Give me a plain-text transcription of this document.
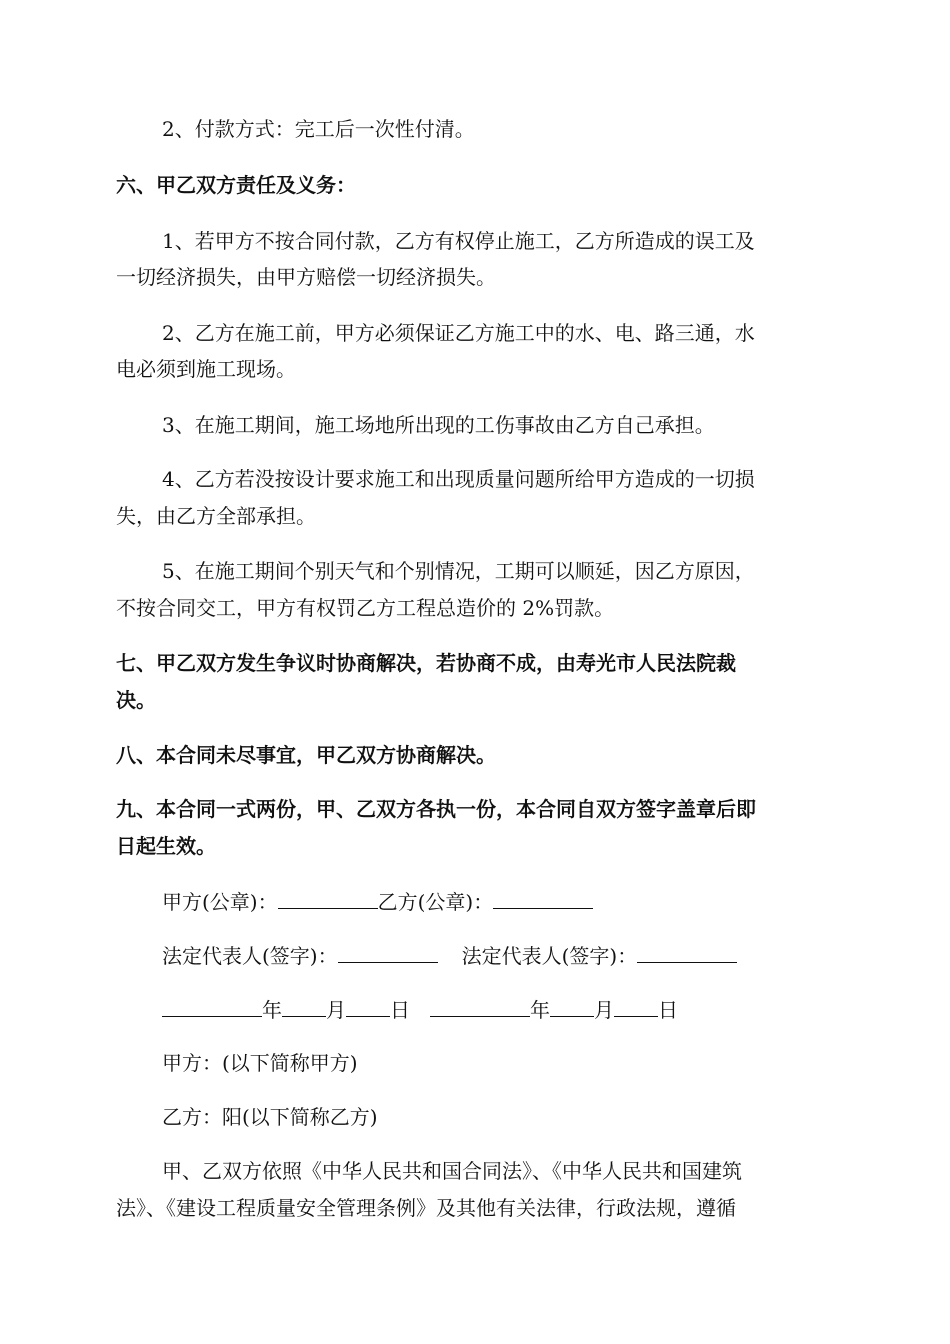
2、付款方式：完工后一次性付清。
六、甲乙双方责任及义务：
1、若甲方不按合同付款，乙方有权停止施工，乙方所造成的误工及
一切经济损失，由甲方赔偿一切经济损失。
2、乙方在施工前，甲方必须保证乙方施工中的水、电、路三通，水
电必须到施工现场。
3、在施工期间，施工场地所出现的工伤事故由乙方自己承担。
4、乙方若没按设计要求施工和出现质量问题所给甲方造成的一切损
失，由乙方全部承担。
5、在施工期间个别天气和个别情况，工期可以顺延，因乙方原因，
不按合同交工，甲方有权罚乙方工程总造价的 2%罚款。
七、甲乙双方发生争议时协商解决，若协商不成，由寿光市人民法院裁
决。
八、本合同未尽事宜，甲乙双方协商解决。
九、本合同一式两份，甲、乙双方各执一份，本合同自双方签字盖章后即
日起生效。
甲方(公章)：	乙方(公章)：
法定代表人(签字)：	法定代表人(签字)：
年 月 日	年 月 日
甲方：(以下简称甲方)
乙方：阳(以下简称乙方)
甲、乙双方依照《中华人民共和国合同法》、《中华人民共和国建筑
法》、《建设工程质量安全管理条例》及其他有关法律，行政法规，遵循
